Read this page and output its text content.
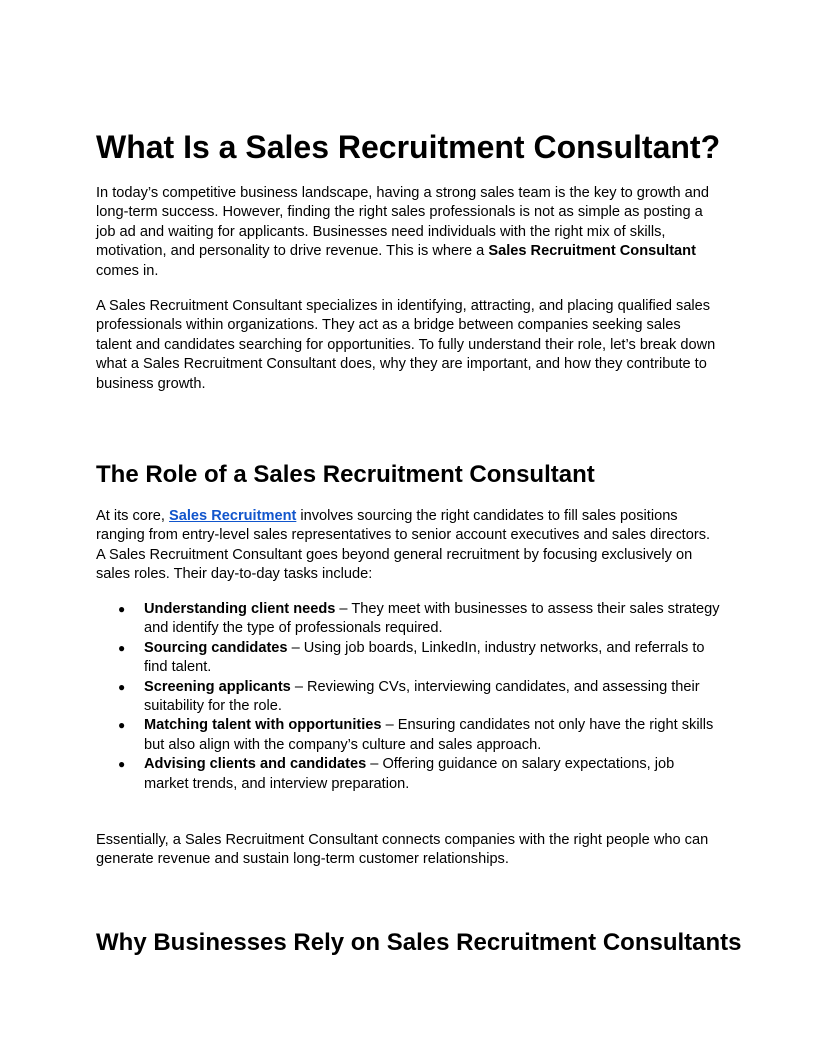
What Is a Sales Recruitment Consultant?

In today’s competitive business landscape, having a strong sales team is the key to growth and long-term success. However, finding the right sales professionals is not as simple as posting a job ad and waiting for applicants. Businesses need individuals with the right mix of skills, motivation, and personality to drive revenue. This is where a Sales Recruitment Consultant comes in.

A Sales Recruitment Consultant specializes in identifying, attracting, and placing qualified sales professionals within organizations. They act as a bridge between companies seeking sales talent and candidates searching for opportunities. To fully understand their role, let’s break down what a Sales Recruitment Consultant does, why they are important, and how they contribute to business growth.

The Role of a Sales Recruitment Consultant

At its core, Sales Recruitment involves sourcing the right candidates to fill sales positions ranging from entry-level sales representatives to senior account executives and sales directors. A Sales Recruitment Consultant goes beyond general recruitment by focusing exclusively on sales roles. Their day-to-day tasks include:

● Understanding client needs – They meet with businesses to assess their sales strategy and identify the type of professionals required.
● Sourcing candidates – Using job boards, LinkedIn, industry networks, and referrals to find talent.
● Screening applicants – Reviewing CVs, interviewing candidates, and assessing their suitability for the role.
● Matching talent with opportunities – Ensuring candidates not only have the right skills but also align with the company’s culture and sales approach.
● Advising clients and candidates – Offering guidance on salary expectations, job market trends, and interview preparation.

Essentially, a Sales Recruitment Consultant connects companies with the right people who can generate revenue and sustain long-term customer relationships.

Why Businesses Rely on Sales Recruitment Consultants
